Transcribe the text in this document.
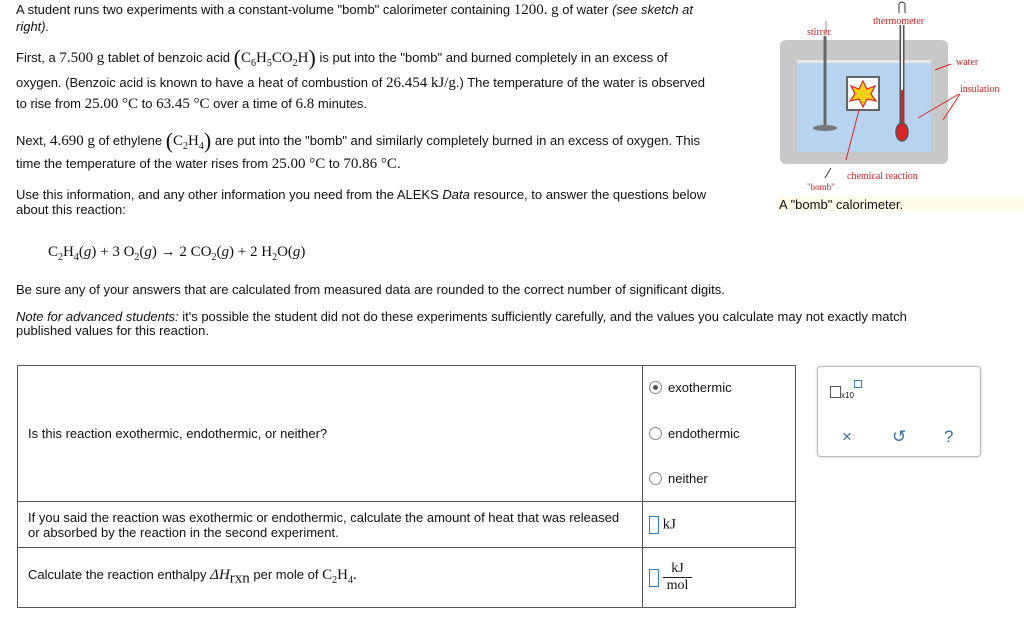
A student runs two experiments with a constant-volume "bomb" calorimeter containing 1200. g of water (see sketch at
right).
First, a 7.500 g tablet of benzoic acid $(C_6H_5CO_2H)$ is put into the "bomb" and burned completely in an excess of
oxygen. (Benzoic acid is known to have a heat of combustion of 26.454 kJ/g.) The temperature of the water is observed
to rise from 25.00 °C to 63.45 °C over a time of 6.8 minutes.
Next, 4.690 g of ethylene $(C_2H_4)$ are put into the "bomb" and similarly completely burned in an excess of oxygen. This
time the temperature of the water rises from 25.00 °C to 70.86 °C.
Use this information, and any other information you need from the ALEKS Data resource, to answer the questions below
about this reaction:
thermometer
stirrer
water
insulation
chemical reaction
"bomb"
A "bomb" calorimeter.
$C_2H_4(g) + 3$ $O_2(g) \to 2$ $CO_2(g) + 2$ $H_2O(g)$
Be sure any of your answers that are calculated from measured data are rounded to the correct number of significant digits.
Note for advanced students: it's possible the student did not do these experiments sufficiently carefully, and the values you calculate may not exactly match
published values for this reaction.
Is this reaction exothermic, endothermic, or neither?	exothermic
endothermic
neither

If you said the reaction was exothermic or endothermic, calculate the amount of heat that was released or absorbed by the reaction in the second experiment.	kJ
Calculate the reaction enthalpy $\Delta H_{rxn}$ per mole of $C_2H_4$.	kJ
mol
x10
× ↺ ?
